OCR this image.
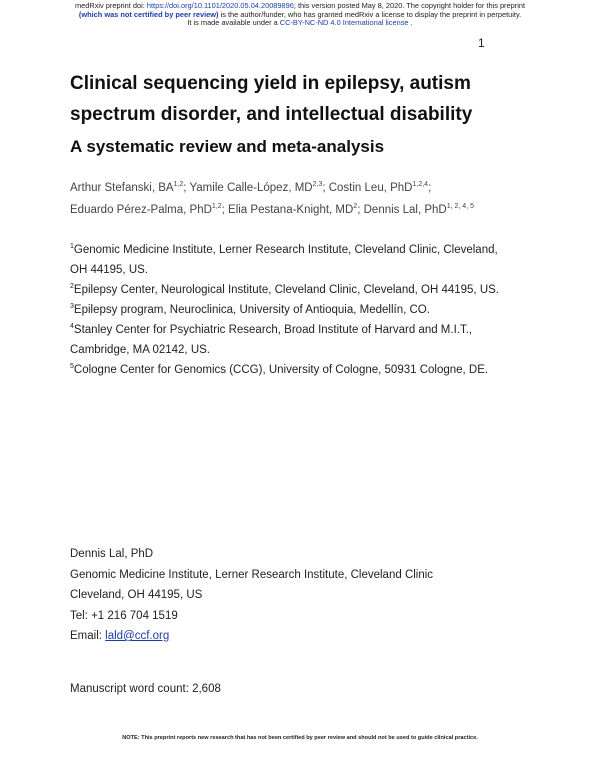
medRxiv preprint doi: https://doi.org/10.1101/2020.05.04.20089896; this version posted May 8, 2020. The copyright holder for this preprint
(which was not certified by peer review) is the author/funder, who has granted medRxiv a license to display the preprint in perpetuity.
It is made available under a CC-BY-NC-ND 4.0 International license .
1
Clinical sequencing yield in epilepsy, autism spectrum disorder, and intellectual disability
A systematic review and meta-analysis
Arthur Stefanski, BA$^{1,2}$; Yamile Calle-López, MD$^{2,3}$; Costin Leu, PhD$^{1,2,4}$;
Eduardo Pérez-Palma, PhD$^{1,2}$; Elia Pestana-Knight, $MD^2$; Dennis Lal, PhD$^{1, 2, 4, 5}$

$^1$Genomic Medicine Institute, Lerner Research Institute, Cleveland Clinic, Cleveland, OH 44195, US.

$^2$Epilepsy Center, Neurological Institute, Cleveland Clinic, Cleveland, OH 44195, US.

$^3$Epilepsy program, Neuroclinica, University of Antioquia, Medellín, CO.

$^4$Stanley Center for Psychiatric Research, Broad Institute of Harvard and M.I.T., Cambridge, MA 02142, US.

$^5$Cologne Center for Genomics (CCG), University of Cologne, 50931 Cologne, DE.

Dennis Lal, PhD
Genomic Medicine Institute, Lerner Research Institute, Cleveland Clinic
Cleveland, OH 44195, US
Tel: +1 216 704 1519
Email: lald@ccf.org
Manuscript word count: 2,608
NOTE: This preprint reports new research that has not been certified by peer review and should not be used to guide clinical practice.
